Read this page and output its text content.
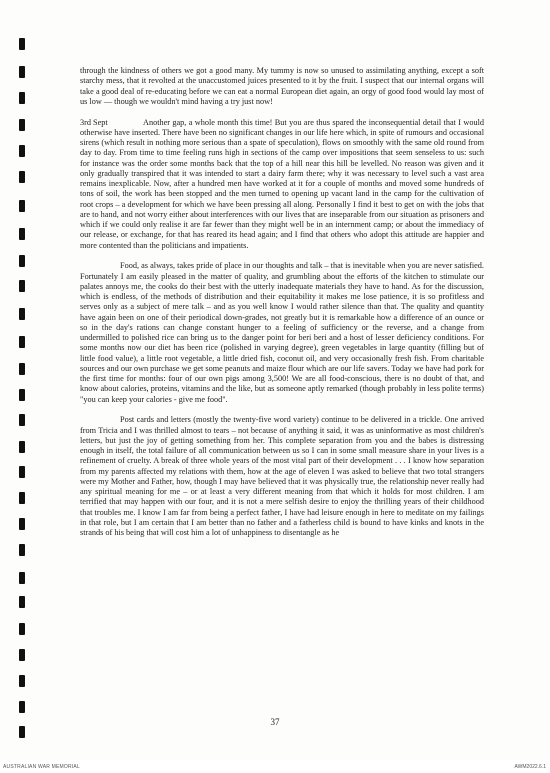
through the kindness of others we got a good many. My tummy is now so unused to assimilating anything, except a soft starchy mess, that it revolted at the unaccustomed juices presented to it by the fruit. I suspect that our internal organs will take a good deal of re-educating before we can eat a normal European diet again, an orgy of good food would lay most of us low — though we wouldn't mind having a try just now!

3rd Sept	Another gap, a whole month this time! But you are thus spared the inconsequential detail that I would otherwise have inserted. There have been no significant changes in our life here which, in spite of rumours and occasional sirens (which result in nothing more serious than a spate of speculation), flows on smoothly with the same old round from day to day. From time to time feeling runs high in sections of the camp over impositions that seem senseless to us: such for instance was the order some months back that the top of a hill near this hill be levelled. No reason was given and it only gradually transpired that it was intended to start a dairy farm there; why it was necessary to level such a vast area remains inexplicable. Now, after a hundred men have worked at it for a couple of months and moved some hundreds of tons of soil, the work has been stopped and the men turned to opening up vacant land in the camp for the cultivation of root crops – a development for which we have been pressing all along. Personally I find it best to get on with the jobs that are to hand, and not worry either about interferences with our lives that are inseparable from our situation as prisoners and which if we could only realise it are far fewer than they might well be in an internment camp; or about the immediacy of our release, or exchange, for that has reared its head again; and I find that others who adopt this attitude are happier and more contented than the politicians and impatients.

Food, as always, takes pride of place in our thoughts and talk – that is inevitable when you are never satisfied. Fortunately I am easily pleased in the matter of quality, and grumbling about the efforts of the kitchen to stimulate our palates annoys me, the cooks do their best with the utterly inadequate materials they have to hand. As for the discussion, which is endless, of the methods of distribution and their equitability it makes me lose patience, it is so profitless and serves only as a subject of mere talk – and as you well know I would rather silence than that. The quality and quantity have again been on one of their periodical down-grades, not greatly but it is remarkable how a difference of an ounce or so in the day's rations can change constant hunger to a feeling of sufficiency or the reverse, and a change from undermilled to polished rice can bring us to the danger point for beri beri and a host of lesser deficiency conditions. For some months now our diet has been rice (polished in varying degree), green vegetables in large quantity (filling but of little food value), a little root vegetable, a little dried fish, coconut oil, and very occasionally fresh fish. From charitable sources and our own purchase we get some peanuts and maize flour which are our life savers. Today we have had pork for the first time for months: four of our own pigs among 3,500! We are all food-conscious, there is no doubt of that, and know about calories, proteins, vitamins and the like, but as someone aptly remarked (though probably in less polite terms) "you can keep your calories - give me food".

Post cards and letters (mostly the twenty-five word variety) continue to be delivered in a trickle. One arrived from Tricia and I was thrilled almost to tears – not because of anything it said, it was as uninformative as most children's letters, but just the joy of getting something from her. This complete separation from you and the babes is distressing enough in itself, the total failure of all communication between us so I can in some small measure share in your lives is a refinement of cruelty. A break of three whole years of the most vital part of their development . . . I know how separation from my parents affected my relations with them, how at the age of eleven I was asked to believe that two total strangers were my Mother and Father, how, though I may have believed that it was physically true, the relationship never really had any spiritual meaning for me – or at least a very different meaning from that which it holds for most children. I am terrified that may happen with our four, and it is not a mere selfish desire to enjoy the thrilling years of their childhood that troubles me. I know I am far from being a perfect father, I have had leisure enough in here to meditate on my failings in that role, but I am certain that I am better than no father and a fatherless child is bound to have kinks and knots in the strands of his being that will cost him a lot of unhappiness to disentangle as he

37
AUSTRALIAN WAR MEMORIAL	AWM2022.6.1
